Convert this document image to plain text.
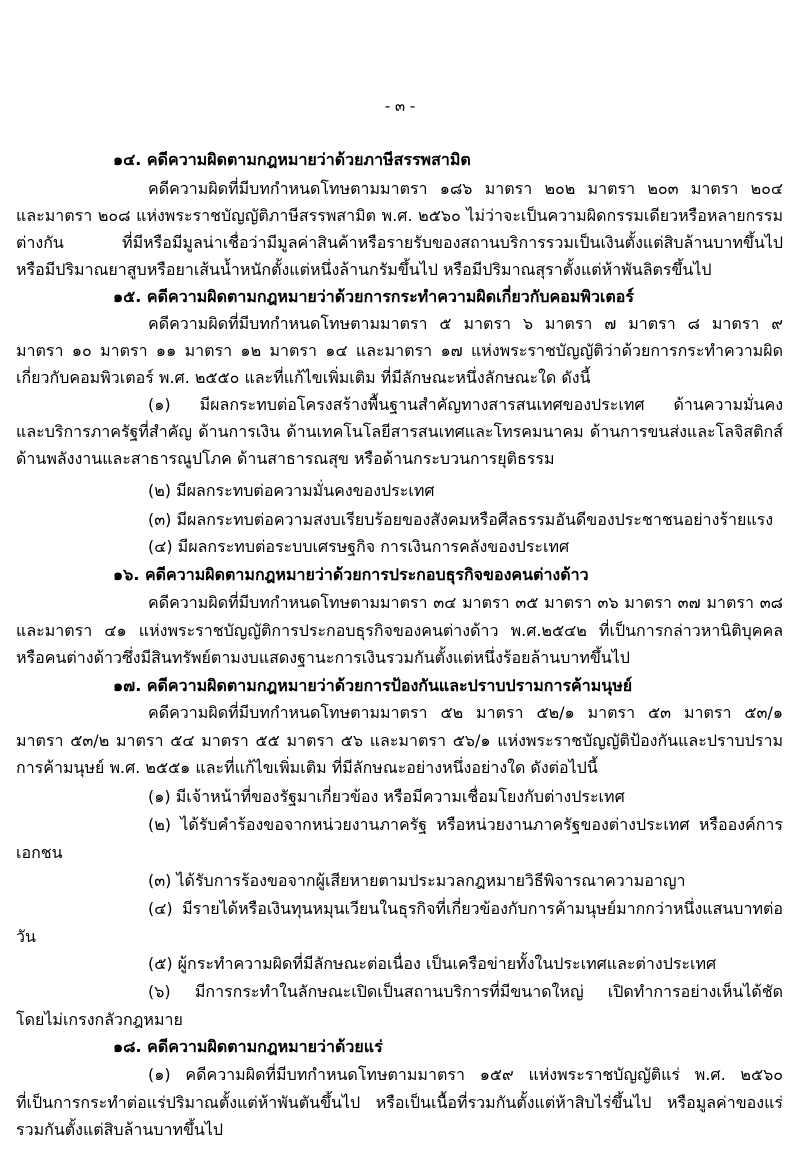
- ๓ -
๑๔. คดีความผิดตามกฎหมายว่าด้วยภาษีสรรพสามิต
คดีความผิดที่มีบทกำหนดโทษตามมาตรา ๑๘๖ มาตรา ๒๐๒ มาตรา ๒๐๓ มาตรา ๒๐๔
และมาตรา ๒๐๘ แห่งพระราชบัญญัติภาษีสรรพสามิต พ.ศ. ๒๕๖๐ ไม่ว่าจะเป็นความผิดกรรมเดียวหรือหลายกรรม
ต่างกัน ที่มีหรือมีมูลน่าเชื่อว่ามีมูลค่าสินค้าหรือรายรับของสถานบริการรวมเป็นเงินตั้งแต่สิบล้านบาทขึ้นไป
หรือมีปริมาณยาสูบหรือยาเส้นน้ำหนักตั้งแต่หนึ่งล้านกรัมขึ้นไป หรือมีปริมาณสุราตั้งแต่ห้าพันลิตรขึ้นไป
๑๕. คดีความผิดตามกฎหมายว่าด้วยการกระทำความผิดเกี่ยวกับคอมพิวเตอร์
คดีความผิดที่มีบทกำหนดโทษตามมาตรา ๕ มาตรา ๖ มาตรา ๗ มาตรา ๘ มาตรา ๙
มาตรา ๑๐ มาตรา ๑๑ มาตรา ๑๒ มาตรา ๑๔ และมาตรา ๑๗ แห่งพระราชบัญญัติว่าด้วยการกระทำความผิด
เกี่ยวกับคอมพิวเตอร์ พ.ศ. ๒๕๕๐ และที่แก้ไขเพิ่มเติม ที่มีลักษณะหนึ่งลักษณะใด ดังนี้
(๑) มีผลกระทบต่อโครงสร้างพื้นฐานสำคัญทางสารสนเทศของประเทศ ด้านความมั่นคง
และบริการภาครัฐที่สำคัญ ด้านการเงิน ด้านเทคโนโลยีสารสนเทศและโทรคมนาคม ด้านการขนส่งและโลจิสติกส์
ด้านพลังงานและสาธารณูปโภค ด้านสาธารณสุข หรือด้านกระบวนการยุติธรรม
(๒) มีผลกระทบต่อความมั่นคงของประเทศ
(๓) มีผลกระทบต่อความสงบเรียบร้อยของสังคมหรือศีลธรรมอันดีของประชาชนอย่างร้ายแรง
(๔) มีผลกระทบต่อระบบเศรษฐกิจ การเงินการคลังของประเทศ
๑๖. คดีความผิดตามกฎหมายว่าด้วยการประกอบธุรกิจของคนต่างด้าว
คดีความผิดที่มีบทกำหนดโทษตามมาตรา ๓๔ มาตรา ๓๕ มาตรา ๓๖ มาตรา ๓๗ มาตรา ๓๘
และมาตรา ๔๑ แห่งพระราชบัญญัติการประกอบธุรกิจของคนต่างด้าว พ.ศ.๒๕๔๒ ที่เป็นการกล่าวหานิติบุคคล
หรือคนต่างด้าวซึ่งมีสินทรัพย์ตามงบแสดงฐานะการเงินรวมกันตั้งแต่หนึ่งร้อยล้านบาทขึ้นไป
๑๗. คดีความผิดตามกฎหมายว่าด้วยการป้องกันและปราบปรามการค้ามนุษย์
คดีความผิดที่มีบทกำหนดโทษตามมาตรา ๕๒ มาตรา ๕๒/๑ มาตรา ๕๓ มาตรา ๕๓/๑
มาตรา ๕๓/๒ มาตรา ๕๔ มาตรา ๕๕ มาตรา ๕๖ และมาตรา ๕๖/๑ แห่งพระราชบัญญัติป้องกันและปราบปราม
การค้ามนุษย์ พ.ศ. ๒๕๕๑ และที่แก้ไขเพิ่มเติม ที่มีลักษณะอย่างหนึ่งอย่างใด ดังต่อไปนี้
(๑) มีเจ้าหน้าที่ของรัฐมาเกี่ยวข้อง หรือมีความเชื่อมโยงกับต่างประเทศ
(๒) ได้รับคำร้องขอจากหน่วยงานภาครัฐ หรือหน่วยงานภาครัฐของต่างประเทศ หรือองค์การ
เอกชน
(๓) ได้รับการร้องขอจากผู้เสียหายตามประมวลกฎหมายวิธีพิจารณาความอาญา
(๔) มีรายได้หรือเงินทุนหมุนเวียนในธุรกิจที่เกี่ยวข้องกับการค้ามนุษย์มากกว่าหนึ่งแสนบาทต่อ
วัน
(๕) ผู้กระทำความผิดที่มีลักษณะต่อเนื่อง เป็นเครือข่ายทั้งในประเทศและต่างประเทศ
(๖) มีการกระทำในลักษณะเปิดเป็นสถานบริการที่มีขนาดใหญ่ เปิดทำการอย่างเห็นได้ชัด
โดยไม่เกรงกลัวกฎหมาย
๑๘. คดีความผิดตามกฎหมายว่าด้วยแร่
(๑) คดีความผิดที่มีบทกำหนดโทษตามมาตรา ๑๕๙ แห่งพระราชบัญญัติแร่ พ.ศ. ๒๕๖๐
ที่เป็นการกระทำต่อแร่ปริมาณตั้งแต่ห้าพันตันขึ้นไป หรือเป็นเนื้อที่รวมกันตั้งแต่ห้าสิบไร่ขึ้นไป หรือมูลค่าของแร่
รวมกันตั้งแต่สิบล้านบาทขึ้นไป
